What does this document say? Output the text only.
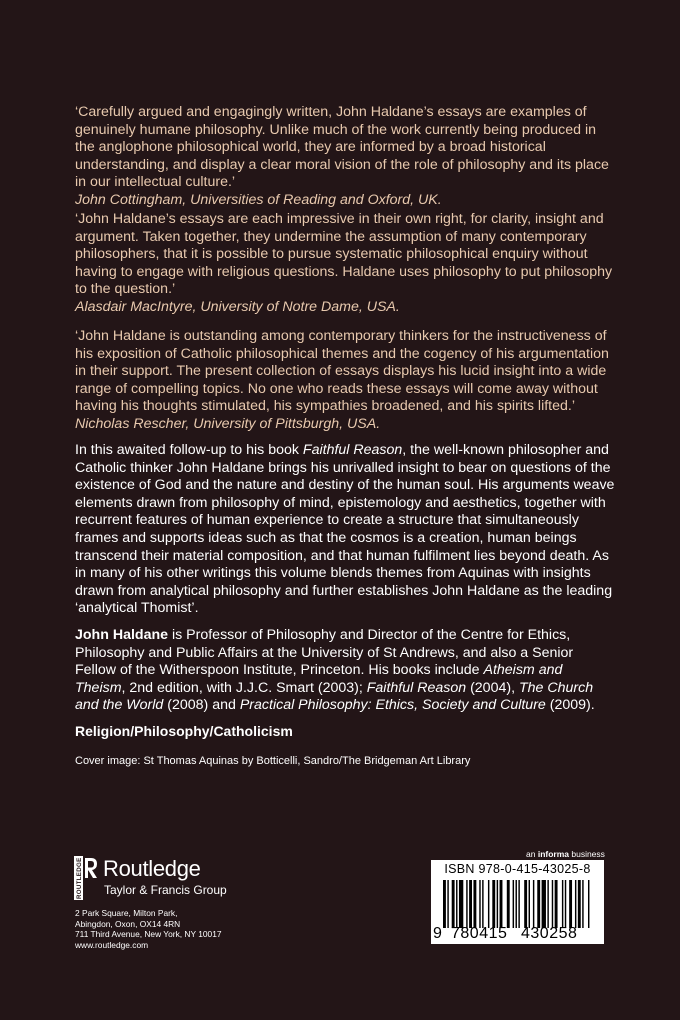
‘Carefully argued and engagingly written, John Haldane’s essays are examples of genuinely humane philosophy. Unlike much of the work currently being produced in the anglophone philosophical world, they are informed by a broad historical understanding, and display a clear moral vision of the role of philosophy and its place in our intellectual culture.’
John Cottingham, Universities of Reading and Oxford, UK.
‘John Haldane’s essays are each impressive in their own right, for clarity, insight and argument. Taken together, they undermine the assumption of many contemporary philosophers, that it is possible to pursue systematic philosophical enquiry without having to engage with religious questions. Haldane uses philosophy to put philosophy to the question.’
Alasdair MacIntyre, University of Notre Dame, USA.
‘John Haldane is outstanding among contemporary thinkers for the instructiveness of his exposition of Catholic philosophical themes and the cogency of his argumentation in their support. The present collection of essays displays his lucid insight into a wide range of compelling topics. No one who reads these essays will come away without having his thoughts stimulated, his sympathies broadened, and his spirits lifted.’
Nicholas Rescher, University of Pittsburgh, USA.
In this awaited follow-up to his book Faithful Reason, the well-known philosopher and Catholic thinker John Haldane brings his unrivalled insight to bear on questions of the existence of God and the nature and destiny of the human soul. His arguments weave elements drawn from philosophy of mind, epistemology and aesthetics, together with recurrent features of human experience to create a structure that simultaneously frames and supports ideas such as that the cosmos is a creation, human beings transcend their material composition, and that human fulfilment lies beyond death. As in many of his other writings this volume blends themes from Aquinas with insights drawn from analytical philosophy and further establishes John Haldane as the leading ‘analytical Thomist’.
John Haldane is Professor of Philosophy and Director of the Centre for Ethics, Philosophy and Public Affairs at the University of St Andrews, and also a Senior Fellow of the Witherspoon Institute, Princeton. His books include Atheism and Theism, 2nd edition, with J.J.C. Smart (2003); Faithful Reason (2004), The Church and the World (2008) and Practical Philosophy: Ethics, Society and Culture (2009).
Religion/Philosophy/Catholicism
Cover image: St Thomas Aquinas by Botticelli, Sandro/The Bridgeman Art Library
ROUTLEDGE Routledge
Taylor & Francis Group
2 Park Square, Milton Park,
Abingdon, Oxon, OX14 4RN
711 Third Avenue, New York, NY 10017
www.routledge.com
an informa business
ISBN 978-0-415-43025-8
9 780415 430258
